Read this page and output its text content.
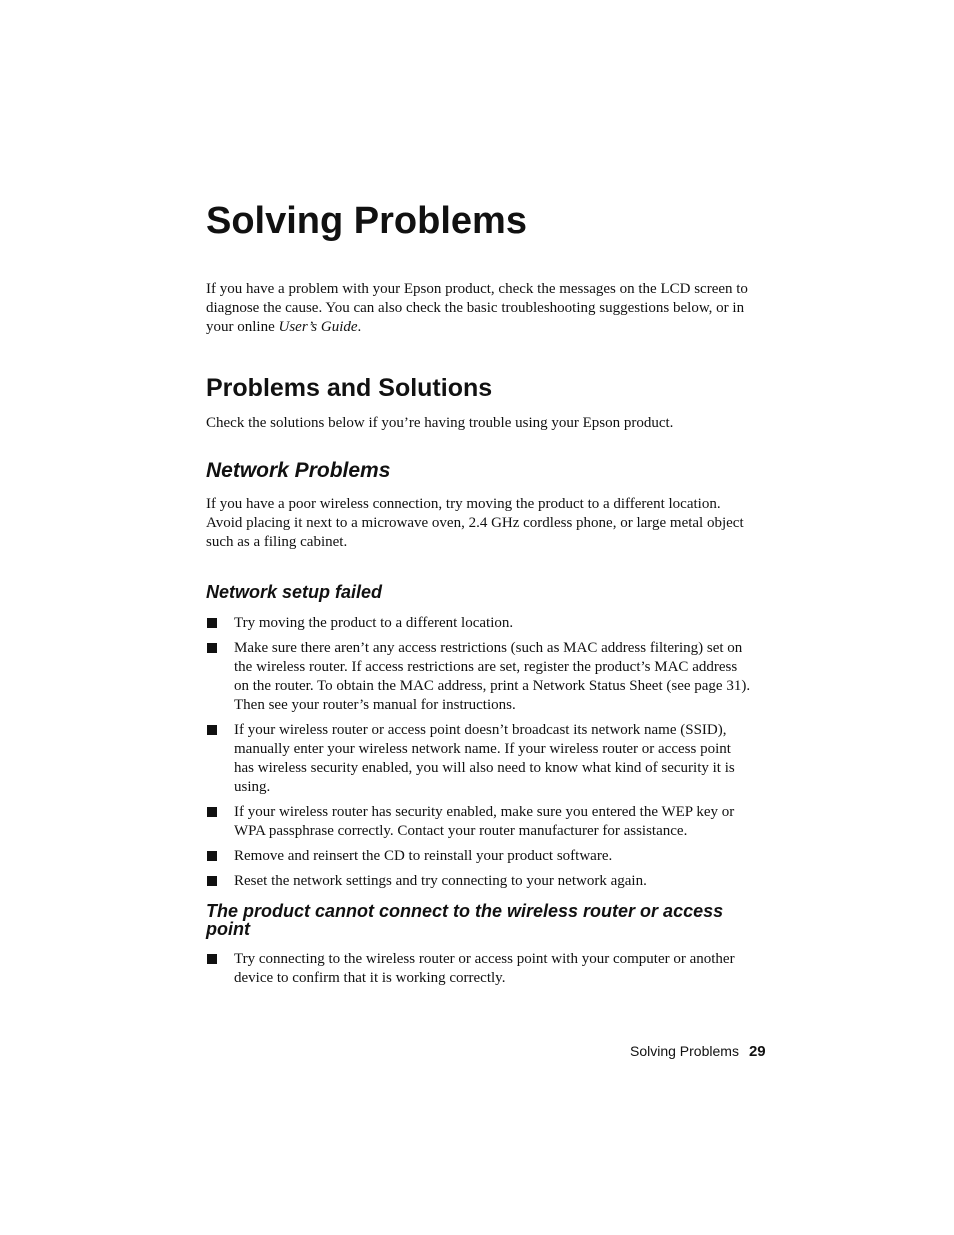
Solving Problems

If you have a problem with your Epson product, check the messages on the LCD screen to diagnose the cause. You can also check the basic troubleshooting suggestions below, or in your online User’s Guide.

Problems and Solutions

Check the solutions below if you’re having trouble using your Epson product.

Network Problems

If you have a poor wireless connection, try moving the product to a different location. Avoid placing it next to a microwave oven, 2.4 GHz cordless phone, or large metal object such as a filing cabinet.

Network setup failed
Try moving the product to a different location.
Make sure there aren’t any access restrictions (such as MAC address filtering) set on the wireless router. If access restrictions are set, register the product’s MAC address on the router. To obtain the MAC address, print a Network Status Sheet (see page 31). Then see your router’s manual for instructions.
If your wireless router or access point doesn’t broadcast its network name (SSID), manually enter your wireless network name. If your wireless router or access point has wireless security enabled, you will also need to know what kind of security it is using.
If your wireless router has security enabled, make sure you entered the WEP key or WPA passphrase correctly. Contact your router manufacturer for assistance.
Remove and reinsert the CD to reinstall your product software.
Reset the network settings and try connecting to your network again.
The product cannot connect to the wireless router or access point
Try connecting to the wireless router or access point with your computer or another device to confirm that it is working correctly.
Solving Problems 29
